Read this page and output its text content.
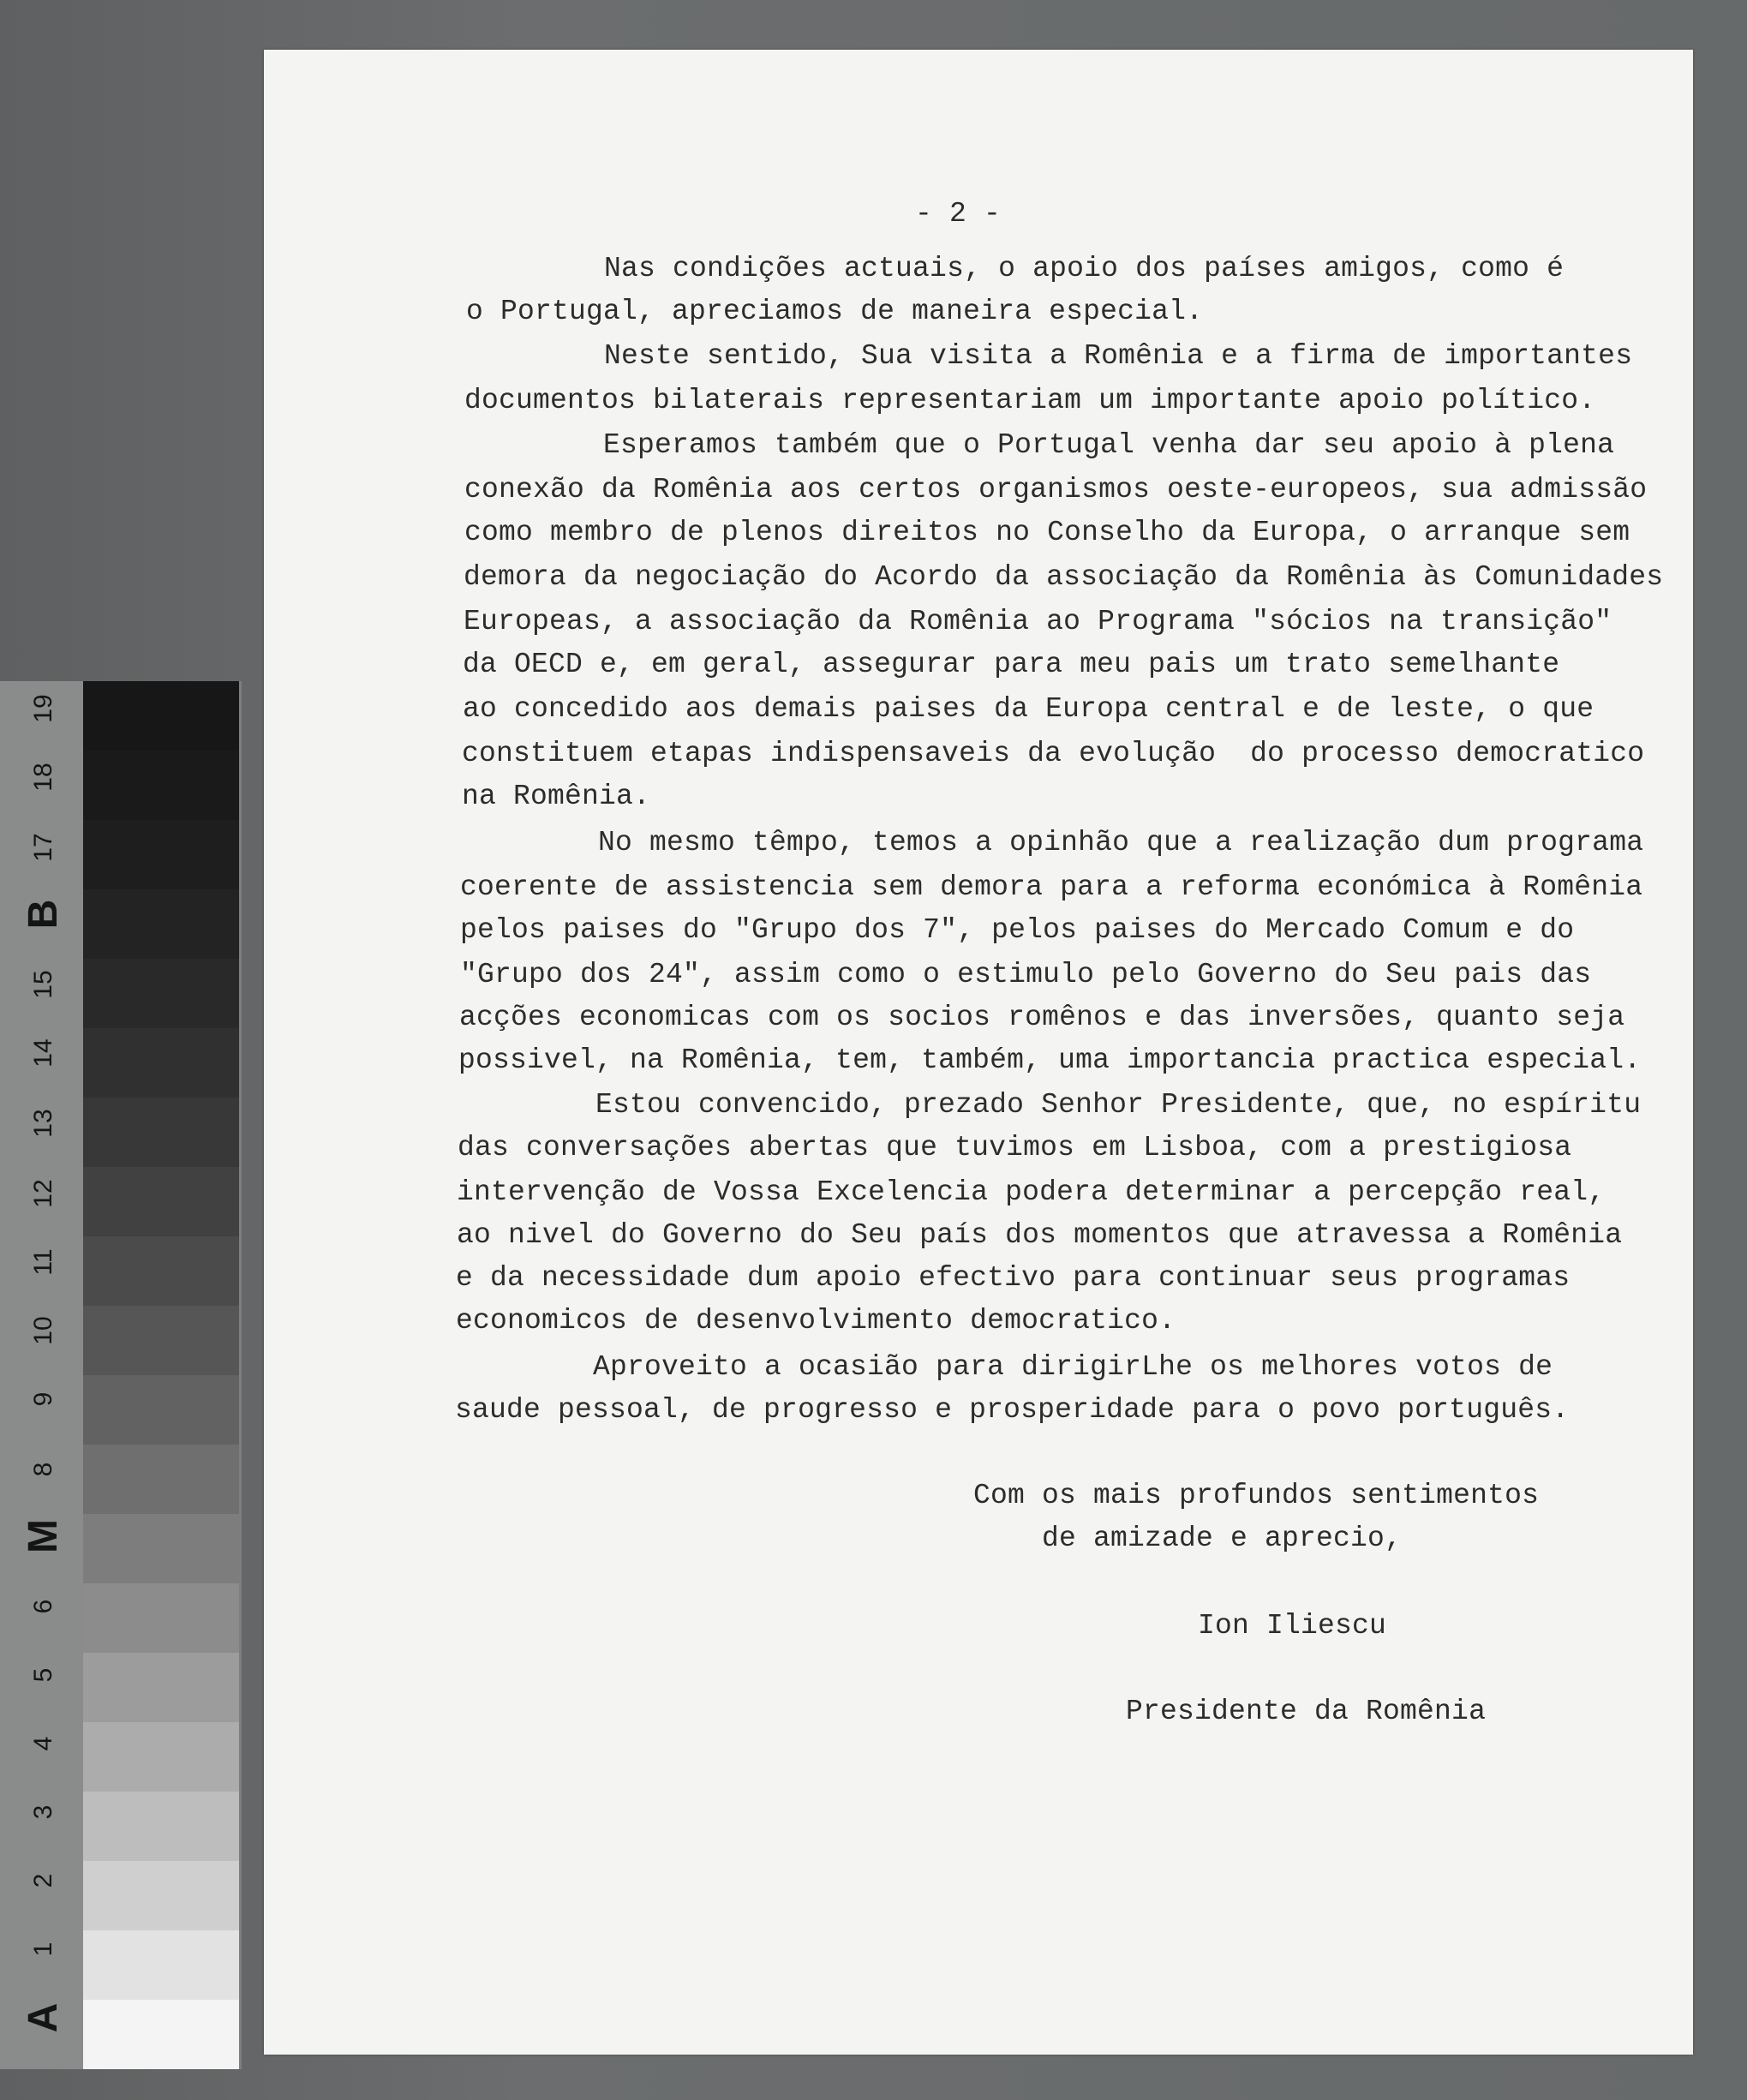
A
1
2
3
4
5
6
M
8
9
10
11
12
13
14
15
B
17
18
19
- 2 -
Nas condições actuais, o apoio dos países amigos, como é
o Portugal, apreciamos de maneira especial.
Neste sentido, Sua visita a Romênia e a firma de importantes
documentos bilaterais representariam um importante apoio político.
Esperamos também que o Portugal venha dar seu apoio à plena
conexão da Romênia aos certos organismos oeste-europeos, sua admissão
como membro de plenos direitos no Conselho da Europa, o arranque sem
demora da negociação do Acordo da associação da Romênia às Comunidades
Europeas, a associação da Romênia ao Programa "sócios na transição"
da OECD e, em geral, assegurar para meu pais um trato semelhante
ao concedido aos demais paises da Europa central e de leste, o que
constituem etapas indispensaveis da evolução  do processo democratico
na Romênia.
No mesmo têmpo, temos a opinhão que a realização dum programa
coerente de assistencia sem demora para a reforma económica à Romênia
pelos paises do "Grupo dos 7", pelos paises do Mercado Comum e do
"Grupo dos 24", assim como o estimulo pelo Governo do Seu pais das
acções economicas com os socios romênos e das inversões, quanto seja
possivel, na Romênia, tem, também, uma importancia practica especial.
Estou convencido, prezado Senhor Presidente, que, no espíritu
das conversações abertas que tuvimos em Lisboa, com a prestigiosa
intervenção de Vossa Excelencia podera determinar a percepção real,
ao nivel do Governo do Seu país dos momentos que atravessa a Romênia
e da necessidade dum apoio efectivo para continuar seus programas
economicos de desenvolvimento democratico.
Aproveito a ocasião para dirigirLhe os melhores votos de
saude pessoal, de progresso e prosperidade para o povo português.
Com os mais profundos sentimentos
de amizade e aprecio,
Ion Iliescu
Presidente da Romênia
